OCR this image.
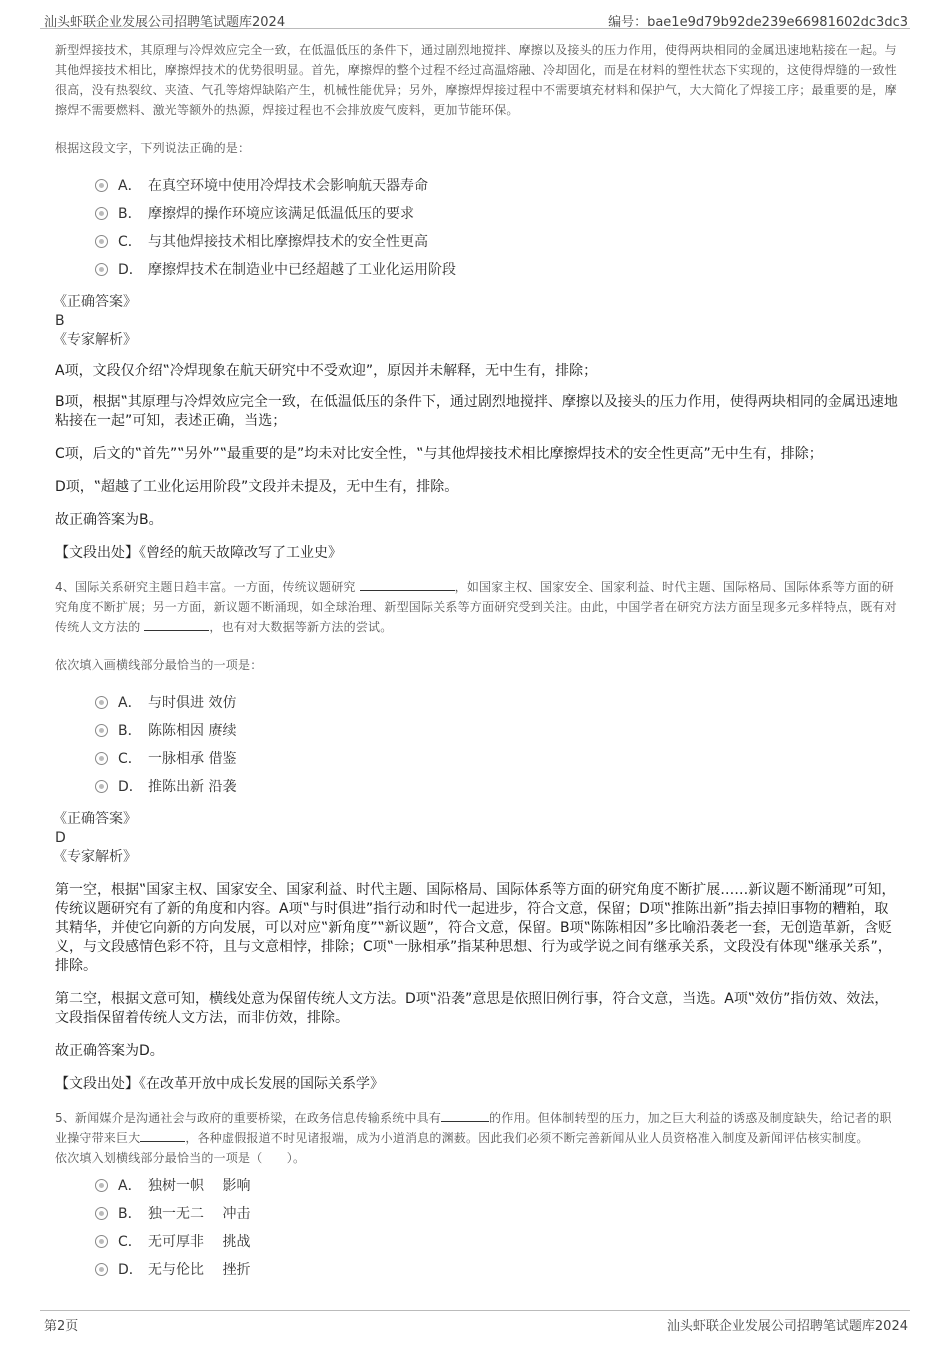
汕头虾联企业发展公司招聘笔试题库2024	编号：bae1e9d79b92de239e66981602dc3dc3

新型焊接技术，其原理与冷焊效应完全一致，在低温低压的条件下，通过剧烈地搅拌、摩擦以及接头的压力作用，使得两块相同的金属迅速地粘接在一起。与其他焊接技术相比，摩擦焊技术的优势很明显。首先，摩擦焊的整个过程不经过高温熔融、冷却固化，而是在材料的塑性状态下实现的，这使得焊缝的一致性很高，没有热裂纹、夹渣、气孔等熔焊缺陷产生，机械性能优异；另外，摩擦焊焊接过程中不需要填充材料和保护气，大大简化了焊接工序；最重要的是，摩擦焊不需要燃料、激光等额外的热源，焊接过程也不会排放废气废料，更加节能环保。

根据这段文字，下列说法正确的是：

A． 在真空环境中使用冷焊技术会影响航天器寿命
B． 摩擦焊的操作环境应该满足低温低压的要求
C． 与其他焊接技术相比摩擦焊技术的安全性更高
D． 摩擦焊技术在制造业中已经超越了工业化运用阶段
《正确答案》
B
《专家解析》

A项，文段仅介绍‟冷焊现象在航天研究中不受欢迎”，原因并未解释，无中生有，排除；

B项，根据‟其原理与冷焊效应完全一致，在低温低压的条件下，通过剧烈地搅拌、摩擦以及接头的压力作用，使得两块相同的金属迅速地粘接在一起”可知，表述正确，当选；

C项，后文的‟首先”‟另外”‟最重要的是”均未对比安全性，‟与其他焊接技术相比摩擦焊技术的安全性更高”无中生有，排除；

D项，‟超越了工业化运用阶段”文段并未提及，无中生有，排除。

故正确答案为B。

【文段出处】《曾经的航天故障改写了工业史》

4、国际关系研究主题日趋丰富。一方面，传统议题研究	，如国家主权、国家安全、国家利益、时代主题、国际格局、国际体系等方面的研究角度不断扩展；另一方面，新议题不断涌现，如全球治理、新型国际关系等方面研究受到关注。由此，中国学者在研究方法方面呈现多元多样特点，既有对传统人文方法的	，也有对大数据等新方法的尝试。

依次填入画横线部分最恰当的一项是：

A． 与时俱进 效仿
B． 陈陈相因 赓续
C． 一脉相承 借鉴
D． 推陈出新 沿袭
《正确答案》
D
《专家解析》

第一空，根据‟国家主权、国家安全、国家利益、时代主题、国际格局、国际体系等方面的研究角度不断扩展……新议题不断涌现”可知，传统议题研究有了新的角度和内容。A项‟与时俱进”指行动和时代一起进步，符合文意，保留；D项‟推陈出新”指去掉旧事物的糟粕，取其精华，并使它向新的方向发展，可以对应‟新角度”‟新议题”，符合文意，保留。B项‟陈陈相因”多比喻沿袭老一套，无创造革新，含贬义，与文段感情色彩不符，且与文意相悖，排除；C项‟一脉相承”指某种思想、行为或学说之间有继承关系，文段没有体现‟继承关系”，排除。

第二空，根据文意可知，横线处意为保留传统人文方法。D项‟沿袭”意思是依照旧例行事，符合文意，当选。A项‟效仿”指仿效、效法，文段指保留着传统人文方法，而非仿效，排除。

故正确答案为D。

【文段出处】《在改革开放中成长发展的国际关系学》

5、新闻媒介是沟通社会与政府的重要桥梁，在政务信息传输系统中具有	的作用。但体制转型的压力，加之巨大利益的诱惑及制度缺失，给记者的职业操守带来巨大	，各种虚假报道不时见诸报端，成为小道消息的渊薮。因此我们必须不断完善新闻从业人员资格准入制度及新闻评估核实制度。

依次填入划横线部分最恰当的一项是（　　）。

A． 独树一帜　 影响
B． 独一无二　 冲击
C． 无可厚非　 挑战
D． 无与伦比　 挫折
第2页	汕头虾联企业发展公司招聘笔试题库2024
